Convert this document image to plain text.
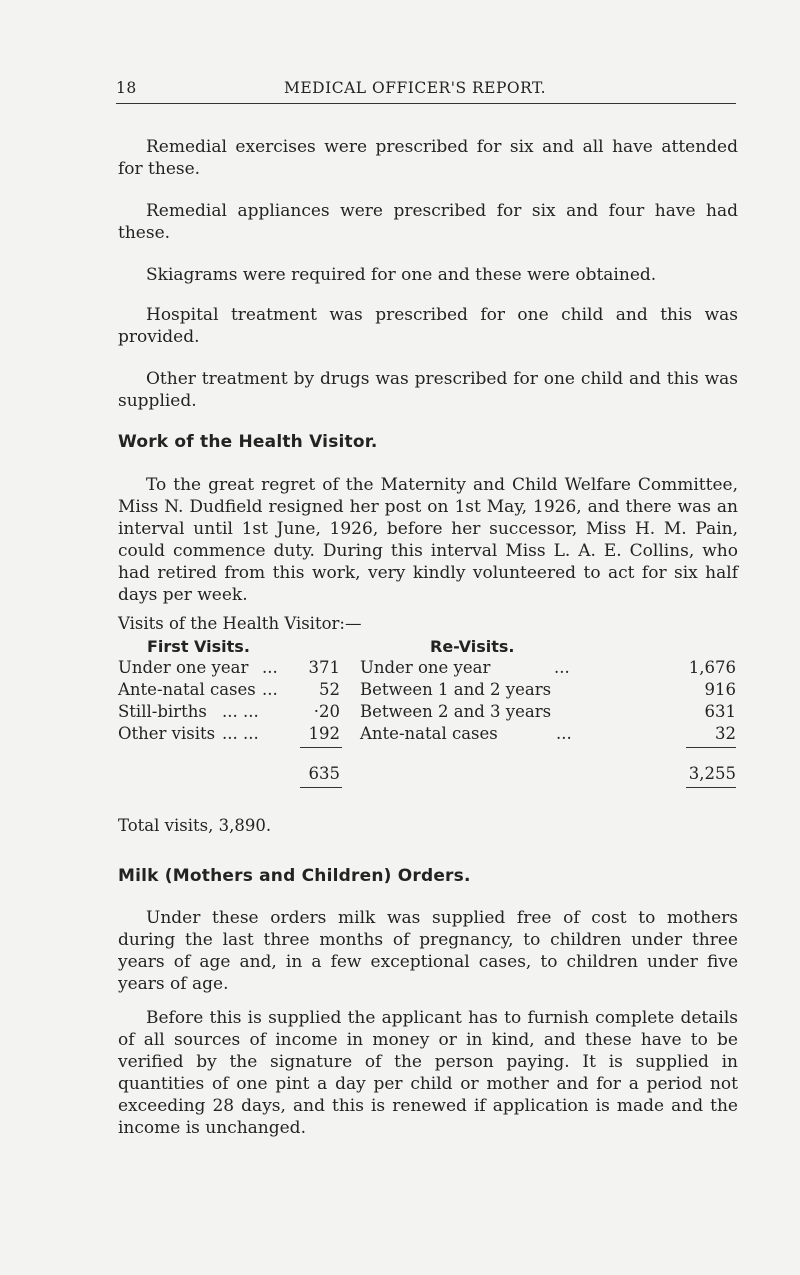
18	MEDICAL OFFICER'S REPORT.

Remedial exercises were prescribed for six and all have attended for these.

Remedial appliances were prescribed for six and four have had these.

Skiagrams were required for one and these were obtained.

Hospital treatment was prescribed for one child and this was provided.

Other treatment by drugs was prescribed for one child and this was supplied.

Work of the Health Visitor.

To the great regret of the Maternity and Child Welfare Committee, Miss N. Dudfield resigned her post on 1st May, 1926, and there was an interval until 1st June, 1926, before her successor, Miss H. M. Pain, could commence duty. During this interval Miss L. A. E. Collins, who had retired from this work, very kindly volunteered to act for six half days per week.

Visits of the Health Visitor:—
First Visits.
Under one year ...	371
Ante-natal cases ...	52
Still-births ... ...	·20
Other visits ... ...	192
635
Re-Visits.
Under one year	...	1,676
Between 1 and 2 years	916
Between 2 and 3 years	631
Ante-natal cases	...	32
3,255
Total visits, 3,890.
Milk (Mothers and Children) Orders.

Under these orders milk was supplied free of cost to mothers during the last three months of pregnancy, to children under three years of age and, in a few exceptional cases, to children under five years of age.

Before this is supplied the applicant has to furnish complete details of all sources of income in money or in kind, and these have to be verified by the signature of the person paying. It is supplied in quantities of one pint a day per child or mother and for a period not exceeding 28 days, and this is renewed if application is made and the income is unchanged.
